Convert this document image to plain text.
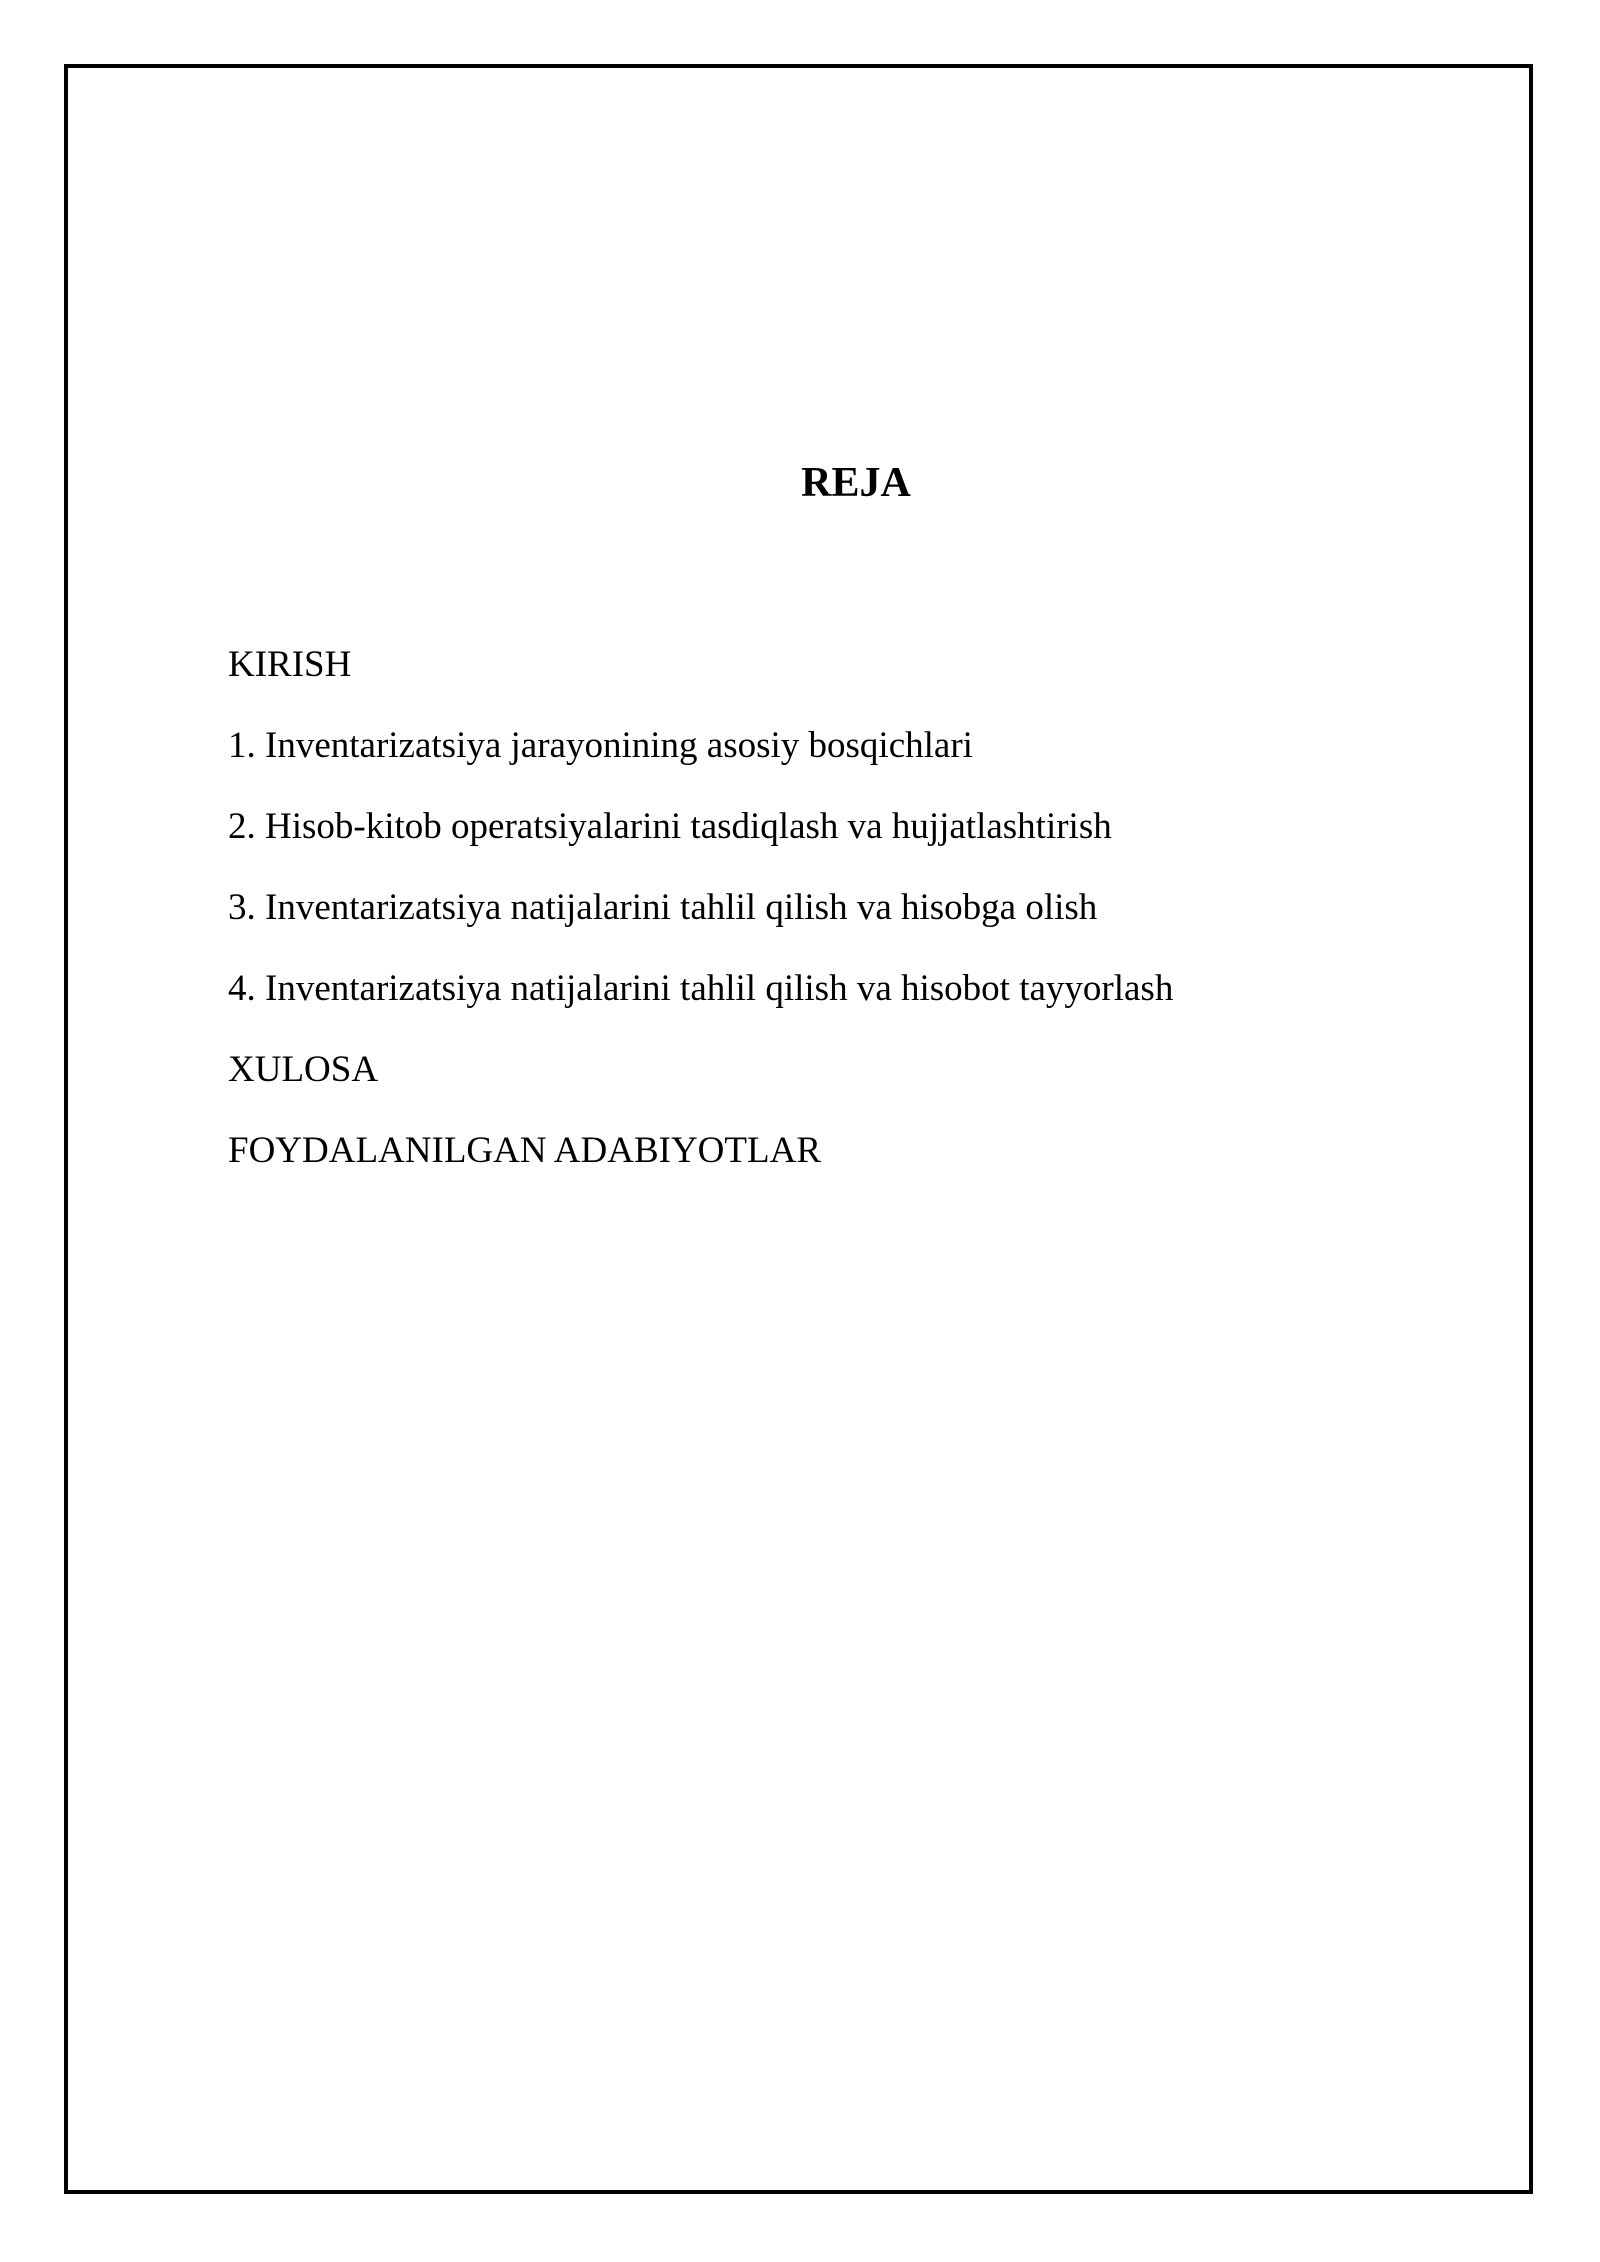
REJA
KIRISH
1. Inventarizatsiya jarayonining asosiy bosqichlari
2. Hisob-kitob operatsiyalarini tasdiqlash va hujjatlashtirish
3. Inventarizatsiya natijalarini tahlil qilish va hisobga olish
4. Inventarizatsiya natijalarini tahlil qilish va hisobot tayyorlash
XULOSA
FOYDALANILGAN ADABIYOTLAR
